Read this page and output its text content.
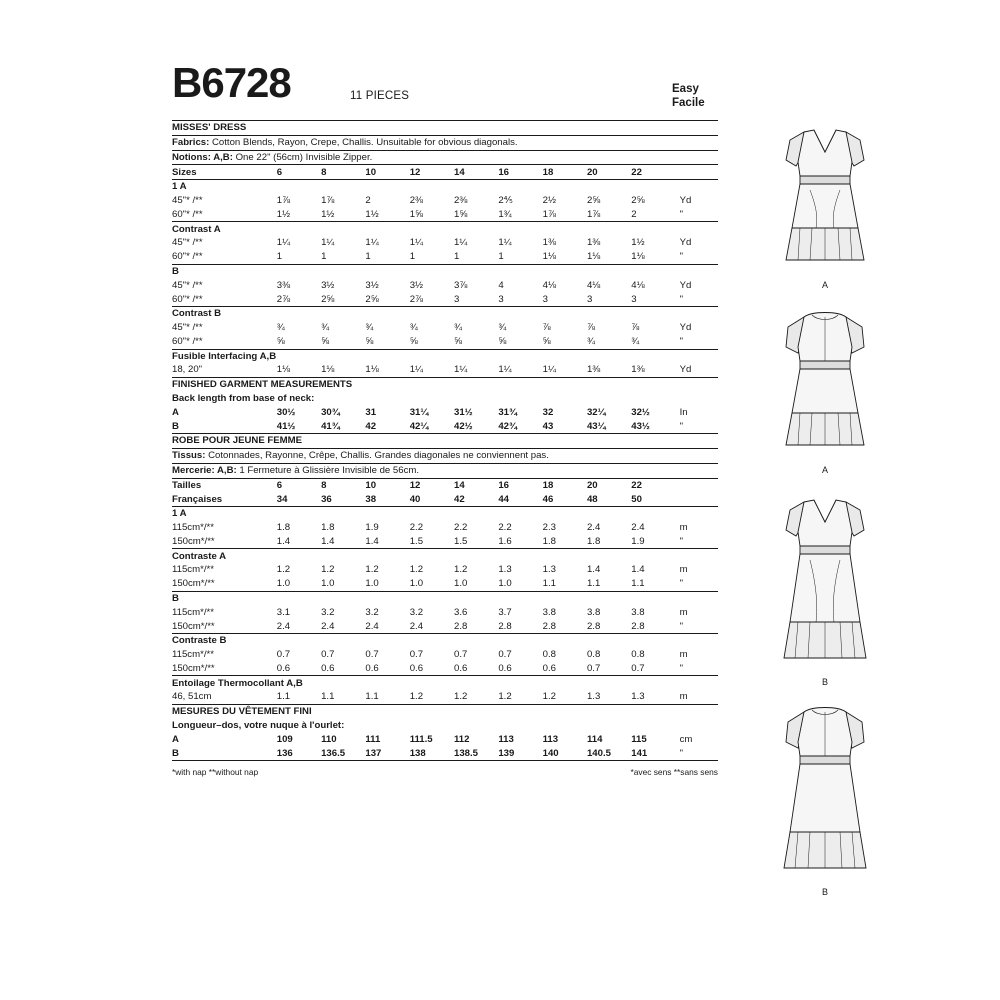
B6728	11 PIECES
Easy
Facile
MISSES' DRESS										
Fabrics: Cotton Blends, Rayon, Crepe, Challis. Unsuitable for obvious diagonals.										
Notions: A,B: One 22" (56cm) Invisible Zipper.										
Sizes	6	8	10	12	14	16	18	20	22	
1 A										
45"* /**	1⅞	1⅞	2	2⅜	2⅜	2⅘	2½	2⅝	2⅝	Yd
60"* /**	1½	1½	1½	1⅝	1⅝	1¾	1⅞	1⅞	2	"
Contrast A										
45"* /**	1¼	1¼	1¼	1¼	1¼	1¼	1⅜	1⅜	1½	Yd
60"* /**	1	1	1	1	1	1	1⅛	1⅛	1⅛	"
B										
45"* /**	3⅜	3½	3½	3½	3⅞	4	4⅛	4⅛	4⅛	Yd
60"* /**	2⅞	2⅝	2⅝	2⅞	3	3	3	3	3	"
Contrast B										
45"* /**	¾	¾	¾	¾	¾	¾	⅞	⅞	⅞	Yd
60"* /**	⅝	⅝	⅝	⅝	⅝	⅝	⅝	¾	¾	"
Fusible Interfacing A,B										
18, 20"	1⅛	1⅛	1⅛	1¼	1¼	1¼	1¼	1⅜	1⅜	Yd
FINISHED GARMENT MEASUREMENTS										
Back length from base of neck:										
A	30½	30¾	31	31¼	31½	31¾	32	32¼	32½	In
B	41½	41¾	42	42¼	42½	42¾	43	43¼	43½	"
ROBE POUR JEUNE FEMME										
Tissus: Cotonnades, Rayonne, Crêpe, Challis. Grandes diagonales ne conviennent pas.										
Mercerie: A,B: 1 Fermeture à Glissière Invisible de 56cm.										
Tailles	6	8	10	12	14	16	18	20	22	
Françaises	34	36	38	40	42	44	46	48	50	
1 A										
115cm*/**	1.8	1.8	1.9	2.2	2.2	2.2	2.3	2.4	2.4	m
150cm*/**	1.4	1.4	1.4	1.5	1.5	1.6	1.8	1.8	1.9	"
Contraste A										
115cm*/**	1.2	1.2	1.2	1.2	1.2	1.3	1.3	1.4	1.4	m
150cm*/**	1.0	1.0	1.0	1.0	1.0	1.0	1.1	1.1	1.1	"
B										
115cm*/**	3.1	3.2	3.2	3.2	3.6	3.7	3.8	3.8	3.8	m
150cm*/**	2.4	2.4	2.4	2.4	2.8	2.8	2.8	2.8	2.8	"
Contraste B										
115cm*/**	0.7	0.7	0.7	0.7	0.7	0.7	0.8	0.8	0.8	m
150cm*/**	0.6	0.6	0.6	0.6	0.6	0.6	0.6	0.7	0.7	"
Entoilage Thermocollant A,B										
46, 51cm	1.1	1.1	1.1	1.2	1.2	1.2	1.2	1.3	1.3	m
MESURES DU VÊTEMENT FINI										
Longueur–dos, votre nuque à l'ourlet:										
A	109	110	111	111.5	112	113	113	114	115	cm
B	136	136.5	137	138	138.5	139	140	140.5	141	"

*with nap **without nap	*avec sens **sans sens
A
A
B
B
